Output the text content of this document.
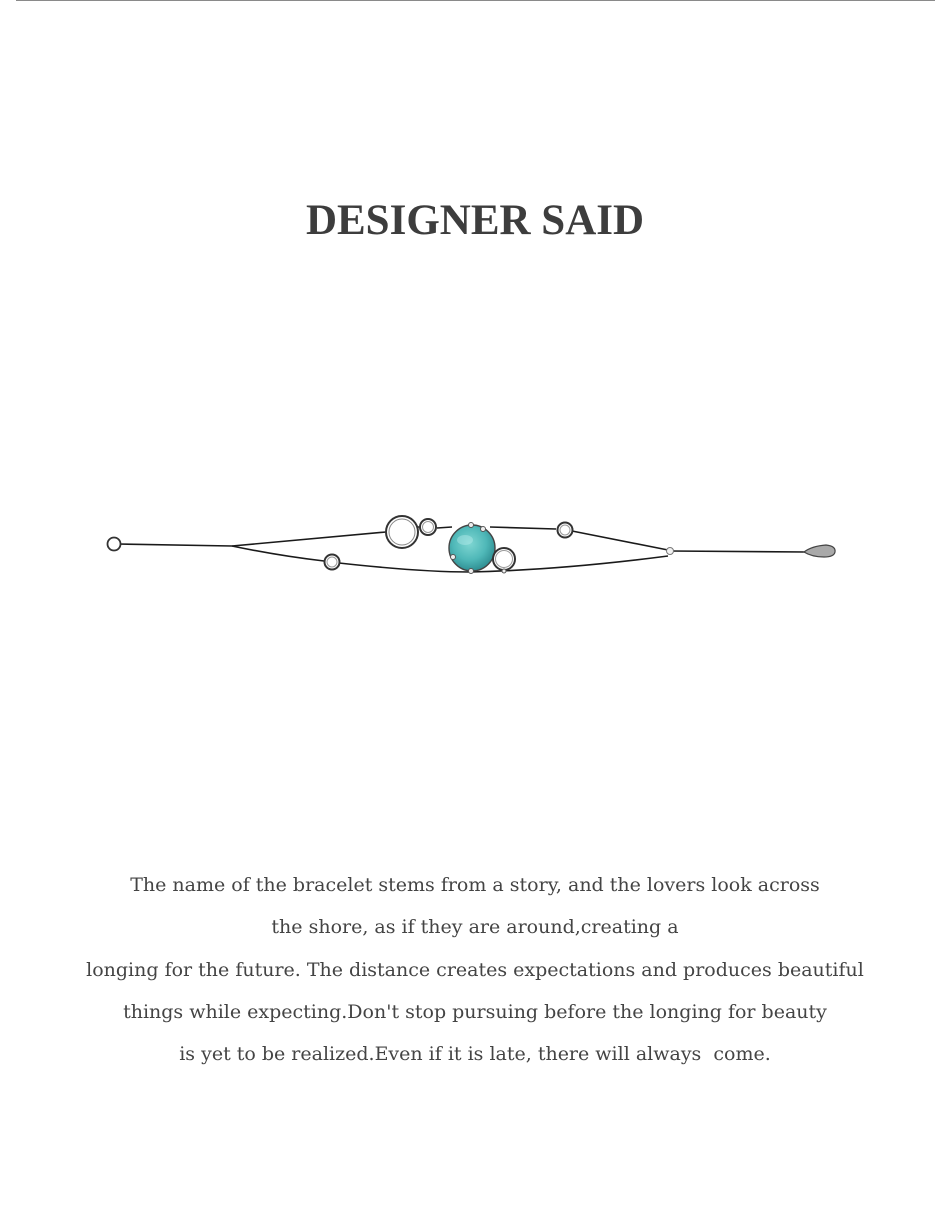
DESIGNER SAID

The name of the bracelet stems from a story, and the lovers look across
the shore, as if they are around,creating a
longing for the future. The distance creates expectations and produces beautiful
things while expecting.Don't stop pursuing before the longing for beauty
is yet to be realized.Even if it is late, there will always  come.
